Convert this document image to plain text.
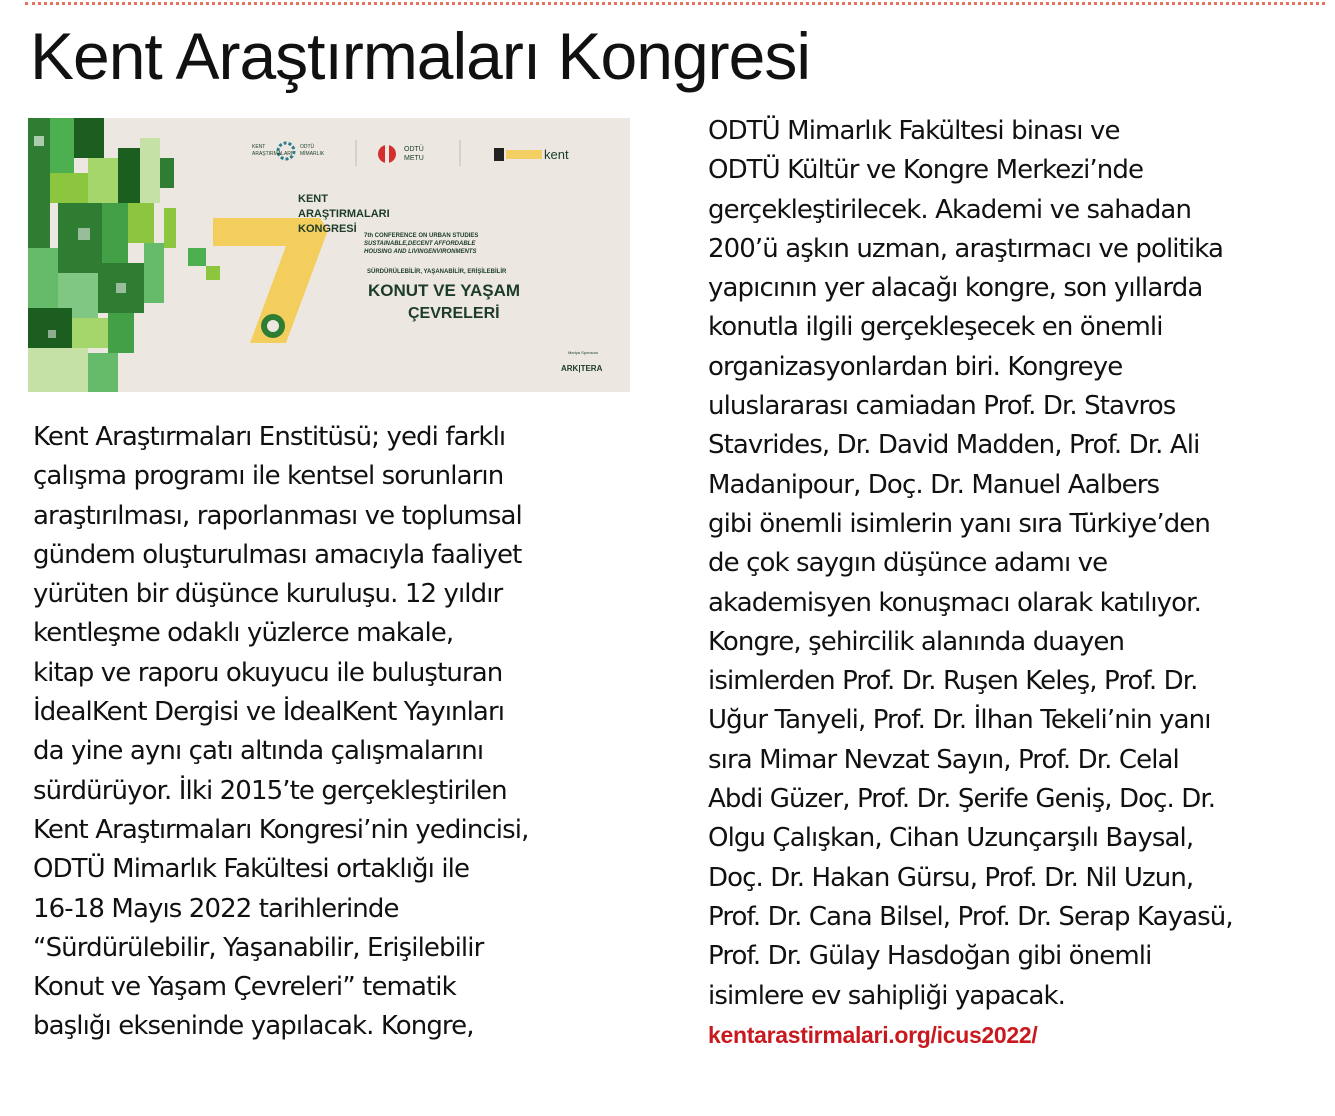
Kent Araştırmaları Kongresi
KENT
ARAŞTIRMALARI
ODTÜ
MİMARLIK
ODTÜ
METU	kent
KENT
ARAŞTIRMALARI
KONGRESİ
7th CONFERENCE ON URBAN STUDIES
SUSTAINABLE,DECENT AFFORDABLE
HOUSING AND LIVINGENVIRONMENTS
SÜRDÜRÜLEBİLİR, YAŞANABİLİR, ERİŞİLEBİLİR
KONUT VE YAŞAM
ÇEVRELERİ
Medya Sponsoru
ARK|TERA
Kent Araştırmaları Enstitüsü; yedi farklı
çalışma programı ile kentsel sorunların
araştırılması, raporlanması ve toplumsal
gündem oluşturulması amacıyla faaliyet
yürüten bir düşünce kuruluşu. 12 yıldır
kentleşme odaklı yüzlerce makale,
kitap ve raporu okuyucu ile buluşturan
İdealKent Dergisi ve İdealKent Yayınları
da yine aynı çatı altında çalışmalarını
sürdürüyor. İlki 2015’te gerçekleştirilen
Kent Araştırmaları Kongresi’nin yedincisi,
ODTÜ Mimarlık Fakültesi ortaklığı ile
16-18 Mayıs 2022 tarihlerinde
“Sürdürülebilir, Yaşanabilir, Erişilebilir
Konut ve Yaşam Çevreleri” tematik
başlığı ekseninde yapılacak. Kongre,
ODTÜ Mimarlık Fakültesi binası ve
ODTÜ Kültür ve Kongre Merkezi’nde
gerçekleştirilecek. Akademi ve sahadan
200’ü aşkın uzman, araştırmacı ve politika
yapıcının yer alacağı kongre, son yıllarda
konutla ilgili gerçekleşecek en önemli
organizasyonlardan biri. Kongreye
uluslararası camiadan Prof. Dr. Stavros
Stavrides, Dr. David Madden, Prof. Dr. Ali
Madanipour, Doç. Dr. Manuel Aalbers
gibi önemli isimlerin yanı sıra Türkiye’den
de çok saygın düşünce adamı ve
akademisyen konuşmacı olarak katılıyor.
Kongre, şehircilik alanında duayen
isimlerden Prof. Dr. Ruşen Keleş, Prof. Dr.
Uğur Tanyeli, Prof. Dr. İlhan Tekeli’nin yanı
sıra Mimar Nevzat Sayın, Prof. Dr. Celal
Abdi Güzer, Prof. Dr. Şerife Geniş, Doç. Dr.
Olgu Çalışkan, Cihan Uzunçarşılı Baysal,
Doç. Dr. Hakan Gürsu, Prof. Dr. Nil Uzun,
Prof. Dr. Cana Bilsel, Prof. Dr. Serap Kayasü,
Prof. Dr. Gülay Hasdoğan gibi önemli
isimlere ev sahipliği yapacak.
kentarastirmalari.org/icus2022/
